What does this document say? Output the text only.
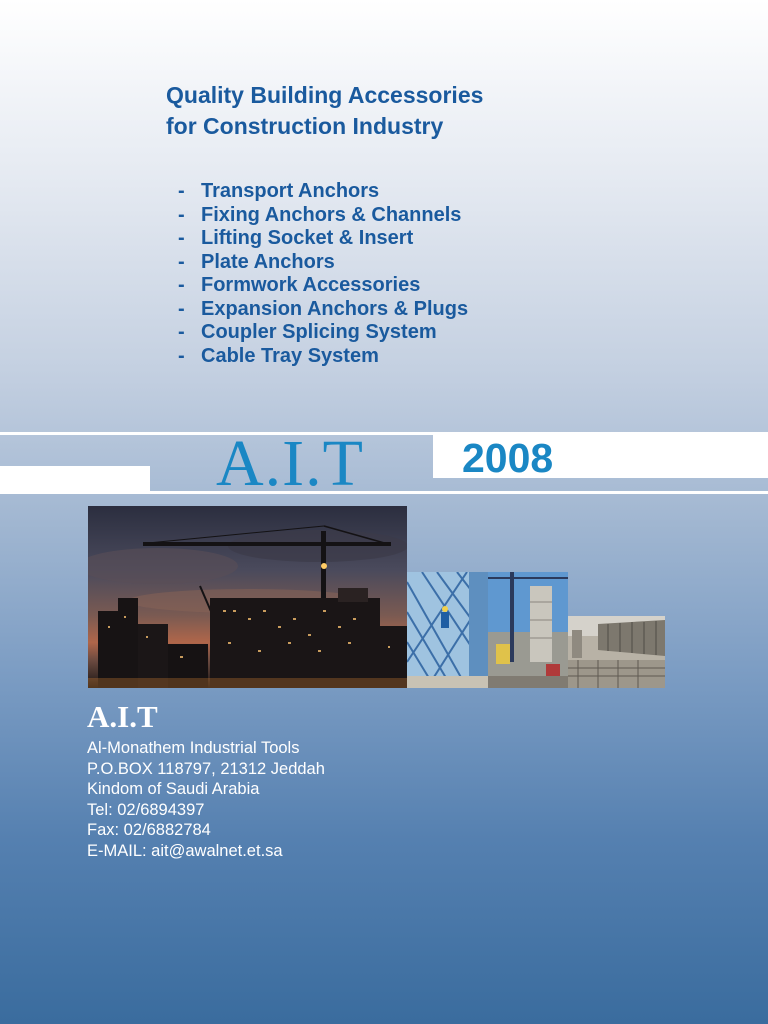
Quality Building Accessories
for Construction Industry
- Transport Anchors
- Fixing Anchors & Channels
- Lifting Socket & Insert
- Plate Anchors
- Formwork Accessories
- Expansion Anchors & Plugs
- Coupler Splicing System
- Cable Tray System
A.I.T 2008
A.I.T
Al-Monathem Industrial Tools
P.O.BOX 118797, 21312 Jeddah
Kindom of Saudi Arabia
Tel: 02/6894397
Fax: 02/6882784
E-MAIL: ait@awalnet.et.sa
